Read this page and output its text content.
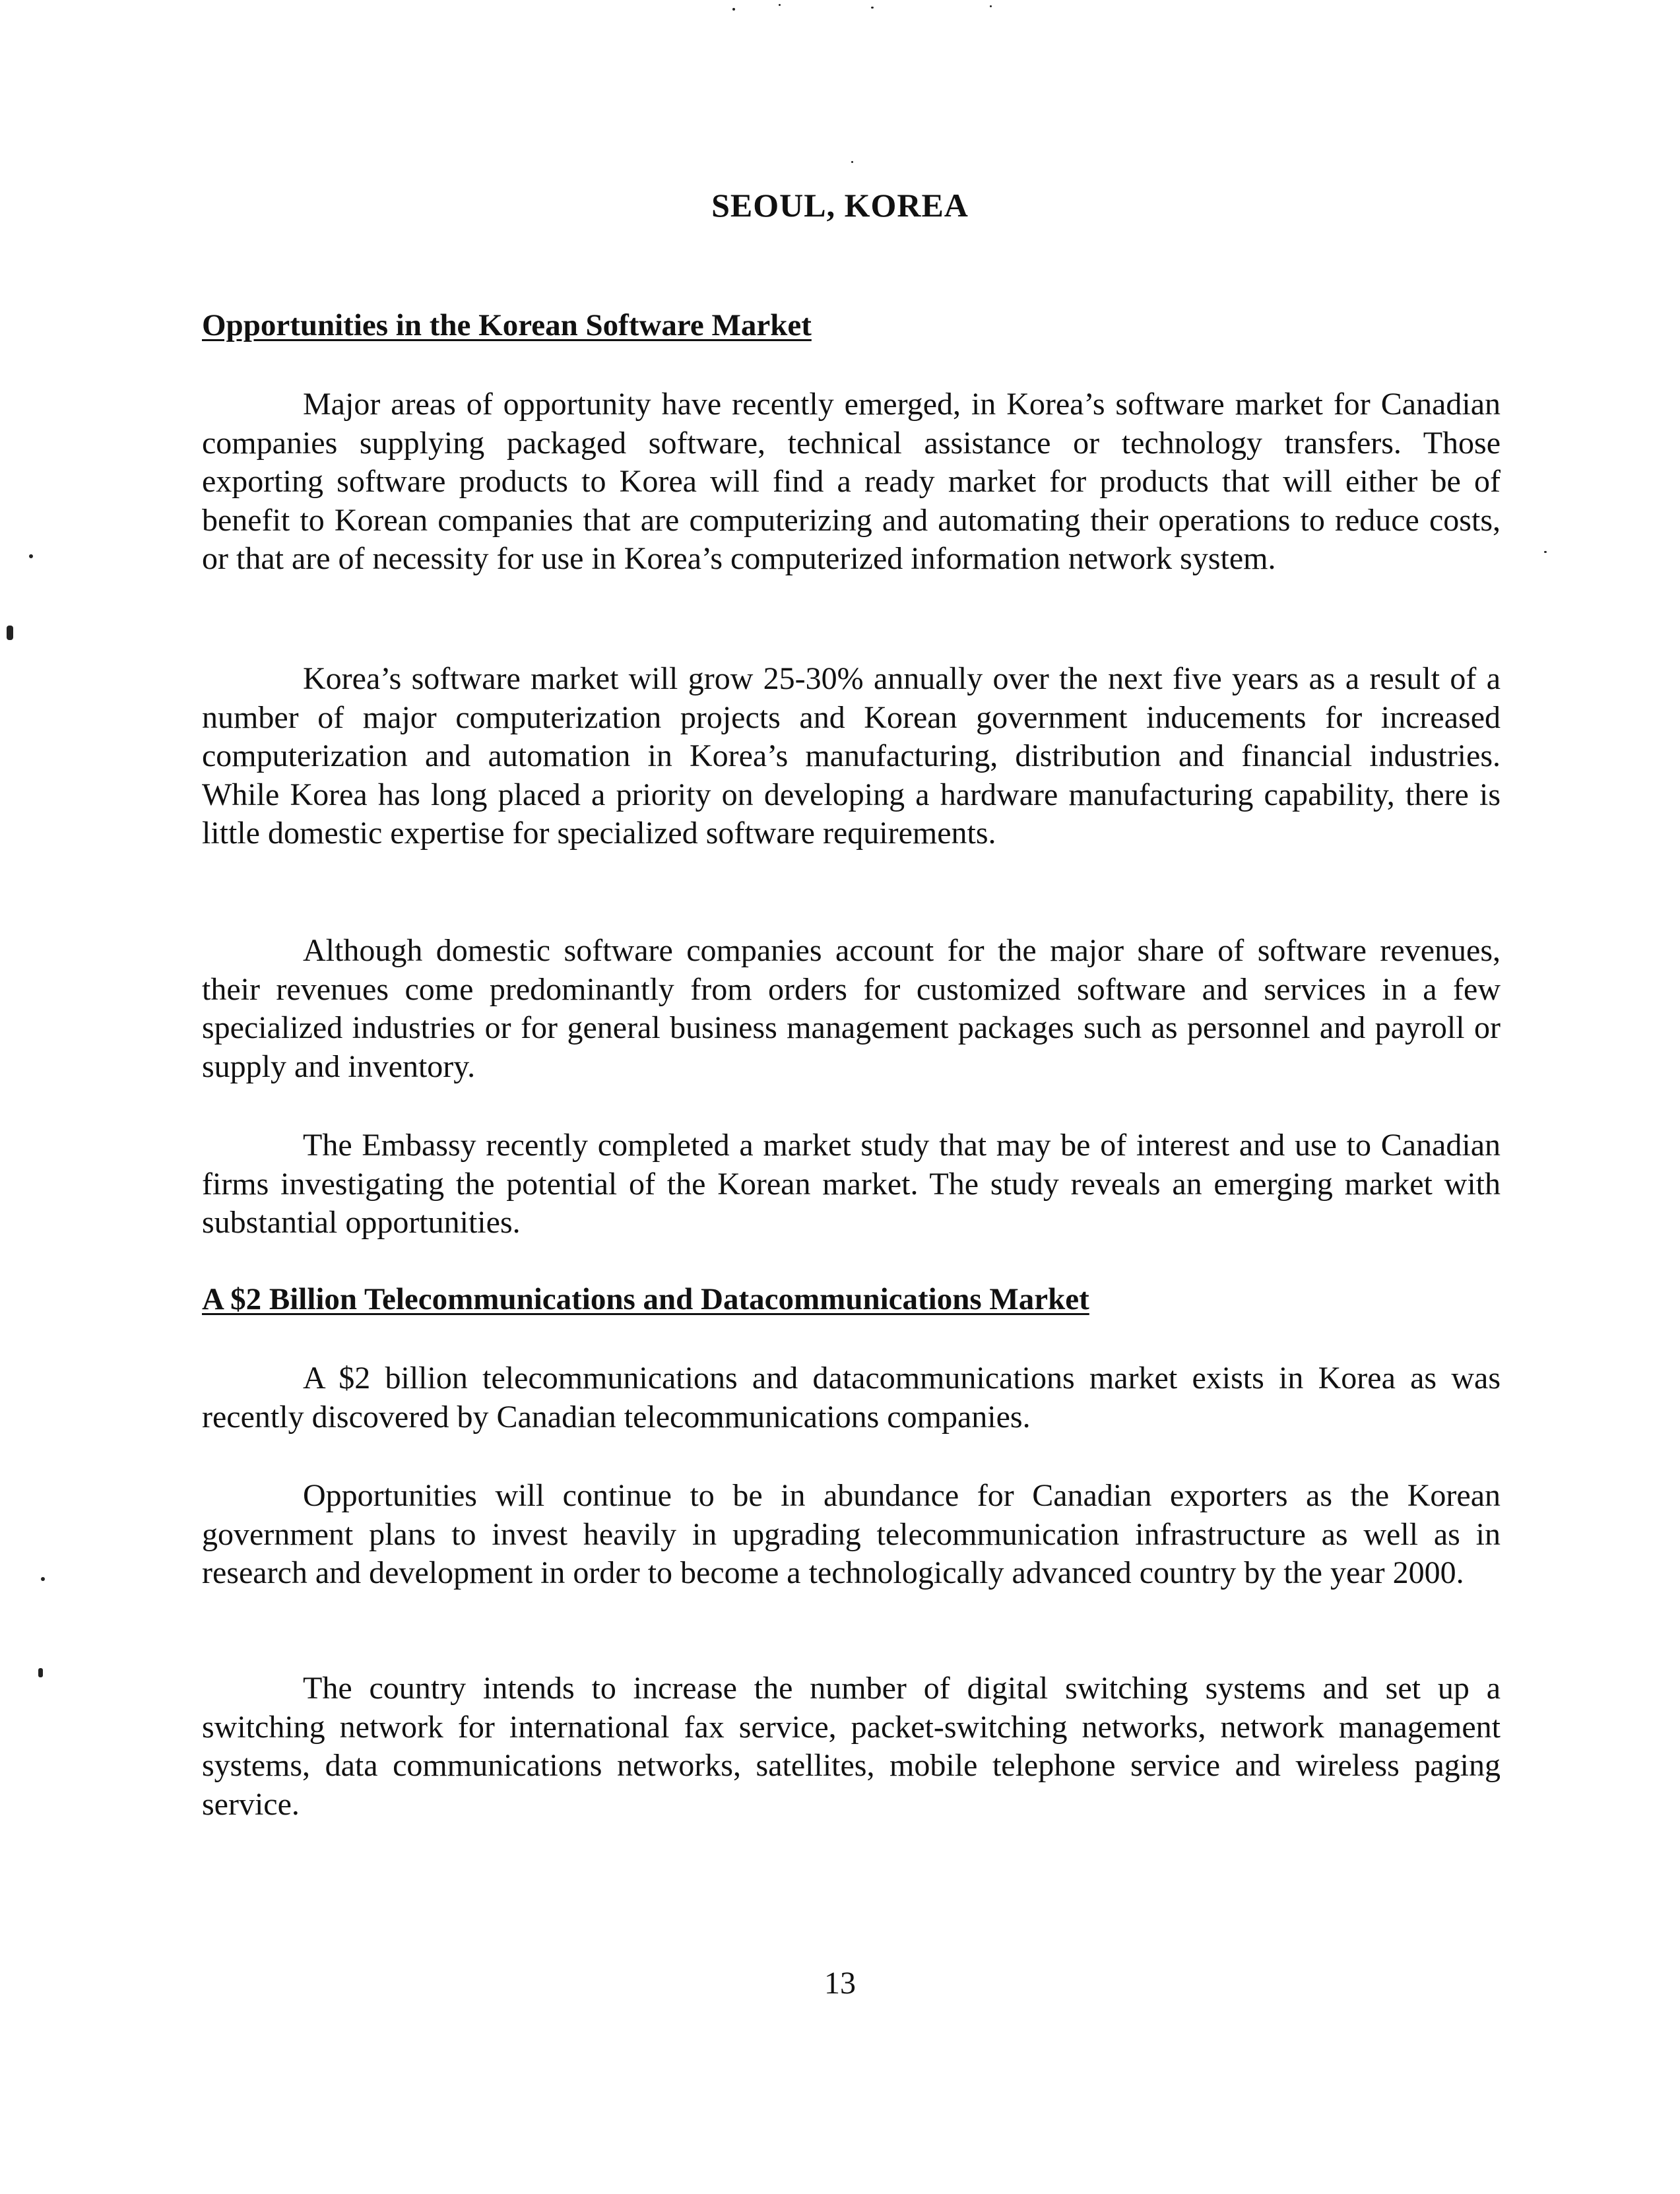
SEOUL, KOREA
Opportunities in the Korean Software Market

Major areas of opportunity have recently emerged, in Korea’s software market for Canadian companies supplying packaged software, technical assistance or technology transfers. Those exporting software products to Korea will find a ready market for products that will either be of benefit to Korean companies that are computerizing and automating their operations to reduce costs, or that are of necessity for use in Korea’s computerized information network system.

Korea’s software market will grow 25-30% annually over the next five years as a result of a number of major computerization projects and Korean government inducements for increased computerization and automation in Korea’s manufacturing, distribution and financial industries. While Korea has long placed a priority on developing a hardware manufacturing capability, there is little domestic expertise for specialized software requirements.

Although domestic software companies account for the major share of software revenues, their revenues come predominantly from orders for customized software and services in a few specialized industries or for general business management packages such as personnel and payroll or supply and inventory.

The Embassy recently completed a market study that may be of interest and use to Canadian firms investigating the potential of the Korean market. The study reveals an emerging market with substantial opportunities.

A $2 Billion Telecommunications and Datacommunications Market

A $2 billion telecommunications and datacommunications market exists in Korea as was recently discovered by Canadian telecommunications companies.

Opportunities will continue to be in abundance for Canadian exporters as the Korean government plans to invest heavily in upgrading telecommunication infrastructure as well as in research and development in order to become a technologically advanced country by the year 2000.

The country intends to increase the number of digital switching systems and set up a switching network for international fax service, packet-switching networks, network management systems, data communications networks, satellites, mobile telephone service and wireless paging service.

13
